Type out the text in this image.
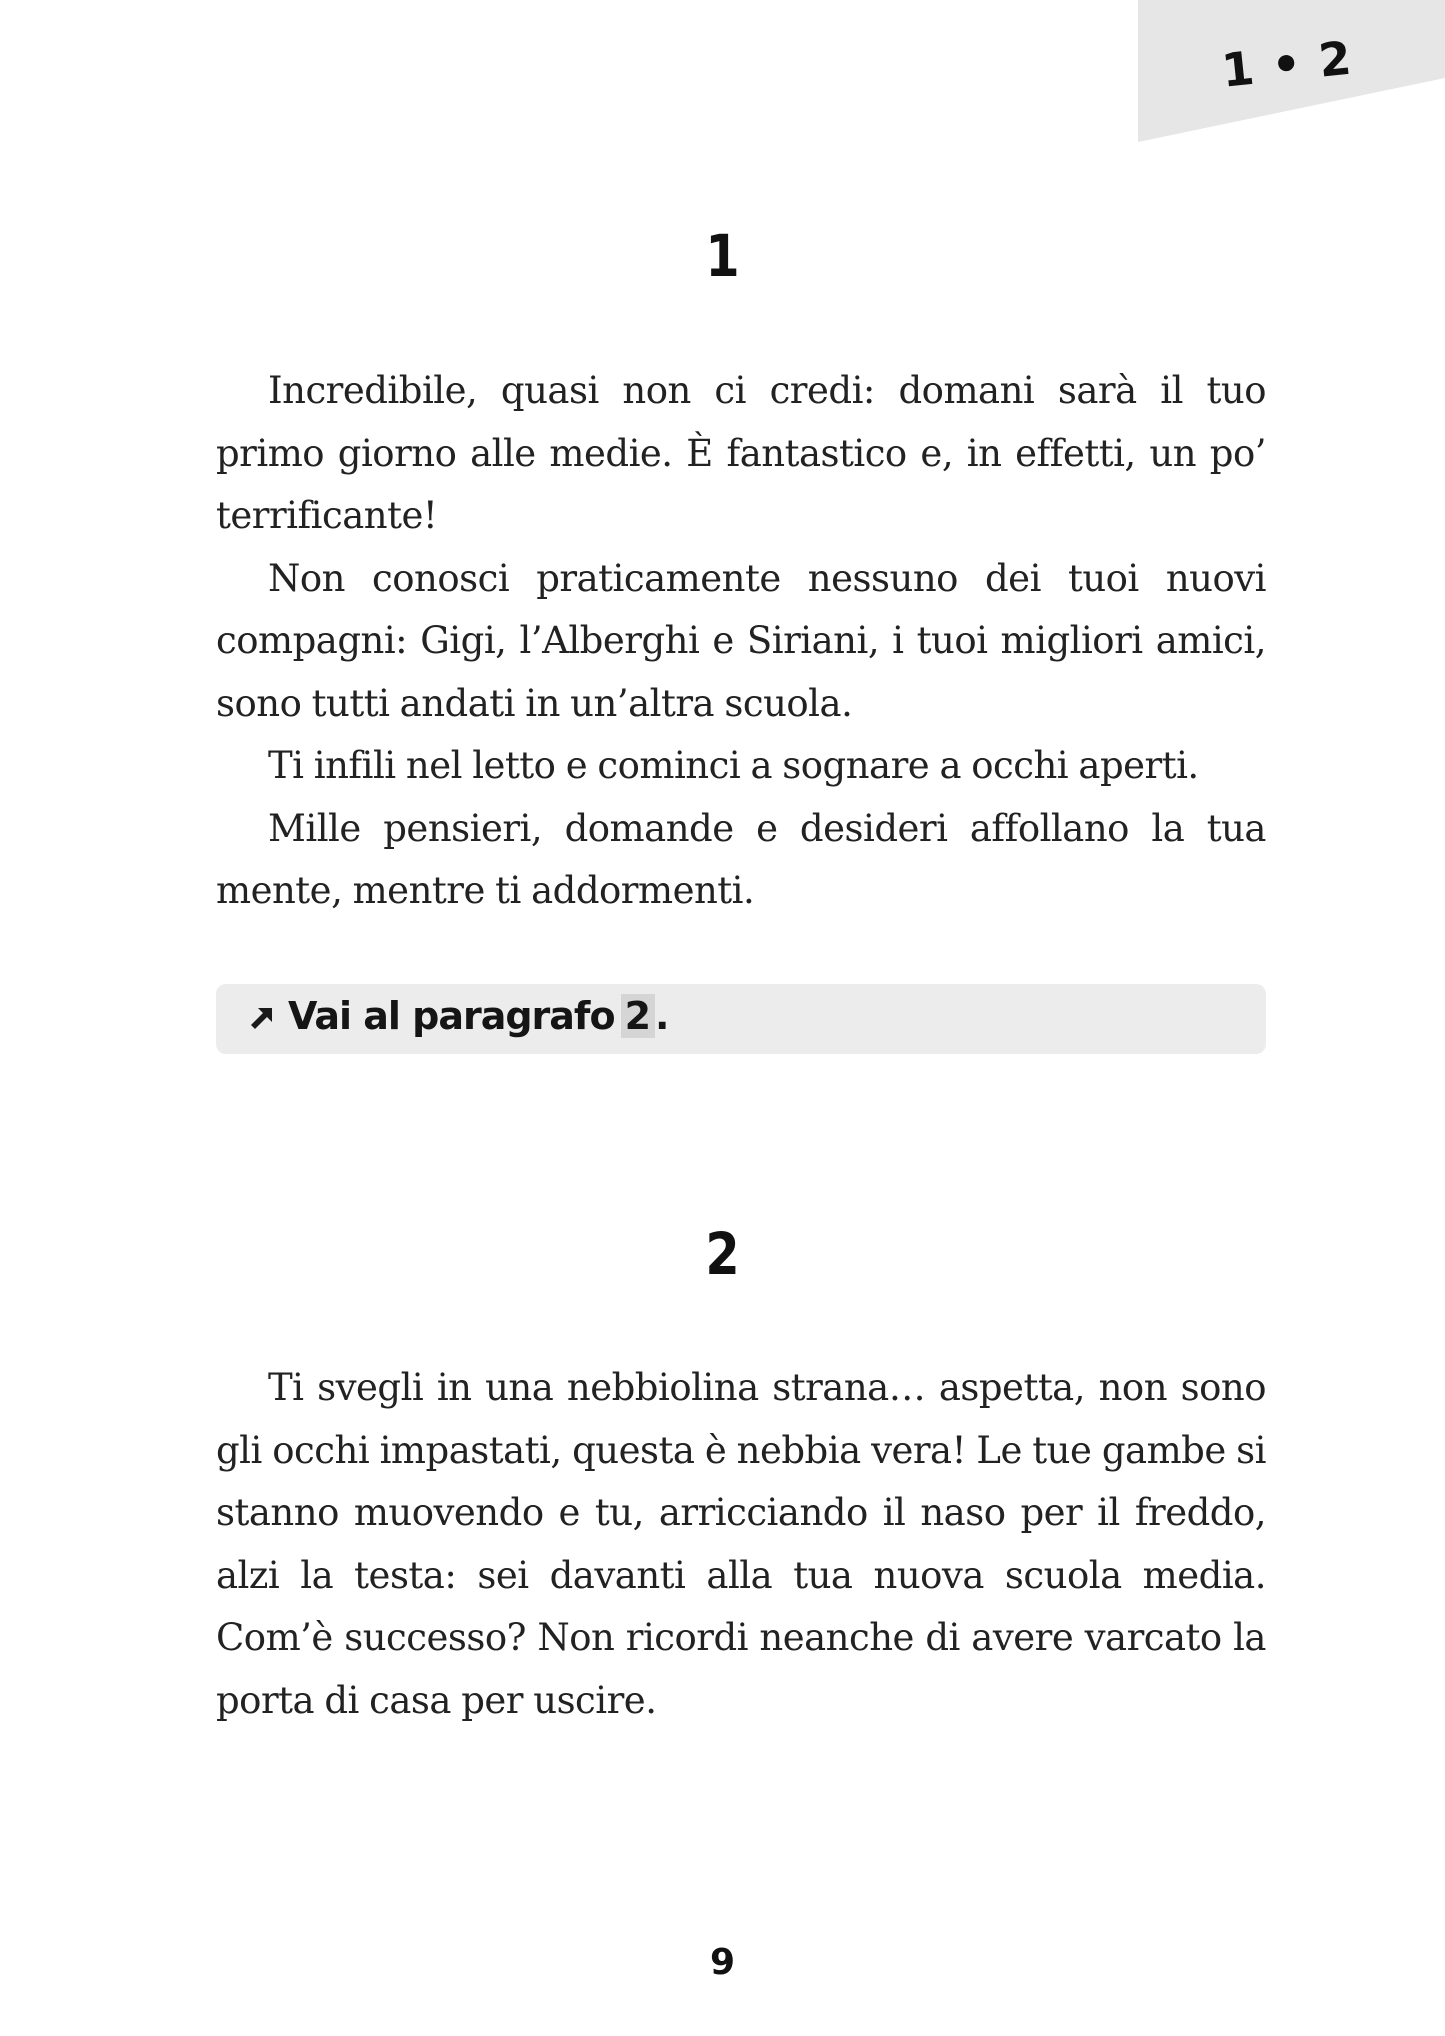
1 • 2
1

Incredibile, quasi non ci credi: domani sarà il tuo primo giorno alle medie. È fantastico e, in effetti, un po’ terrificante!

Non conosci praticamente nessuno dei tuoi nuovi compagni: Gigi, l’Alberghi e Siriani, i tuoi migliori amici, sono tutti andati in un’altra scuola.

Ti infili nel letto e cominci a sognare a occhi aperti.

Mille pensieri, domande e desideri affollano la tua mente, mentre ti addormenti.

Vai al paragrafo 2 .
2

Ti svegli in una nebbiolina strana… aspetta, non sono gli occhi impastati, questa è nebbia vera! Le tue gambe si stanno muovendo e tu, arricciando il naso per il freddo, alzi la testa: sei davanti alla tua nuova scuola media. Com’è successo? Non ricordi neanche di avere varcato la porta di casa per uscire.

9
